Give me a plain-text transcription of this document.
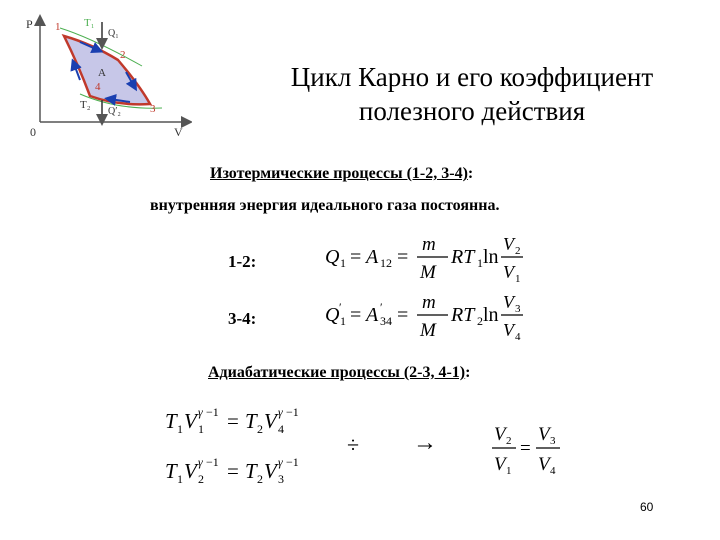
P
V
0
1
2
3
4
T₁
T₂
Q₁
Q′₂
A	Цикл Карно и его коэффициент
полезного действия
Изотермические процессы (1-2, 3-4):
внутренняя энергия идеального газа постоянна.
1-2:	Q 1 = A 12 =
m
M
RT 1 ln
V 2
V 1
3-4:	Q ′
1 = A ′
34 =
m
M
RT 2 ln
V 3
V 4
Адиабатические процессы (2-3, 4-1):
T 1 V 1
γ −1 = T 2 V 4
γ −1
T 1 V 2
γ −1 = T 2 V 3
γ −1
÷ →	V 2
V 1
=
V 3
V 4
60
